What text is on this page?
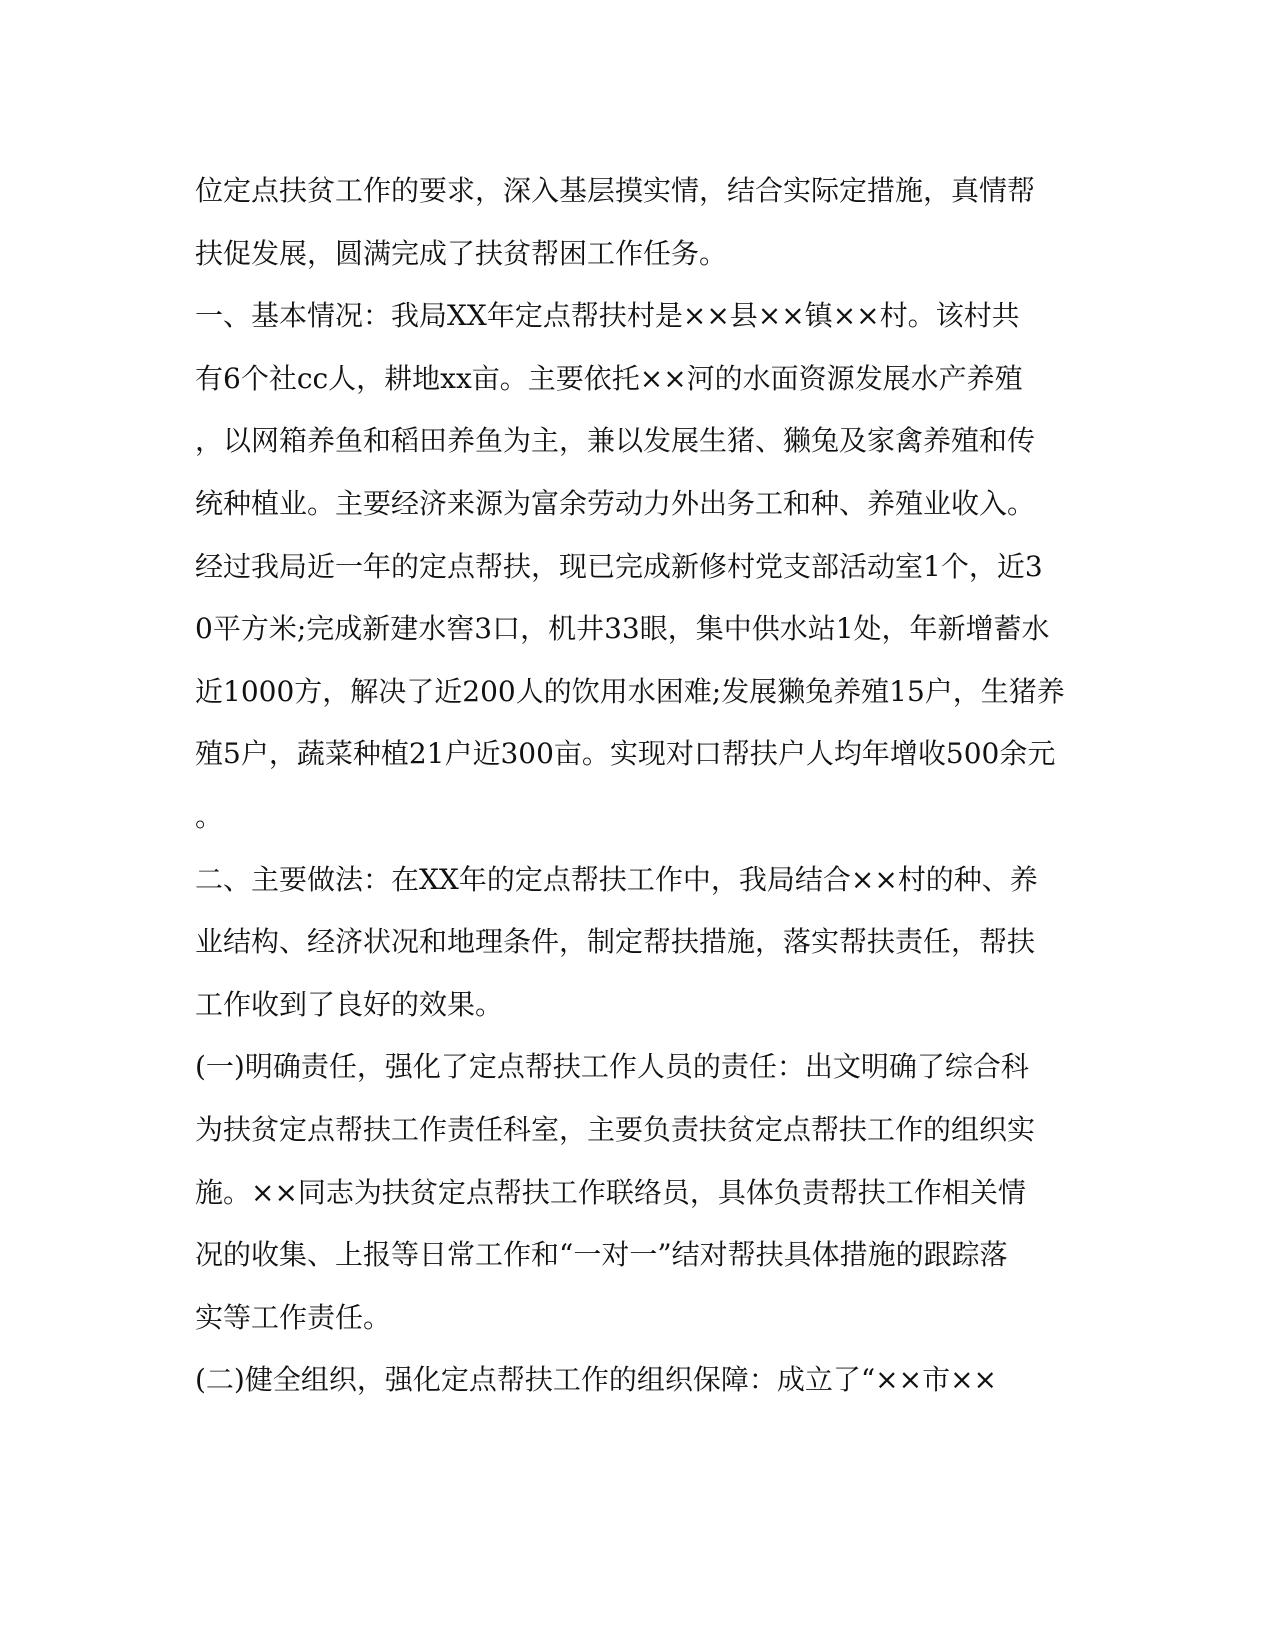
位定点扶贫工作的要求，深入基层摸实情，结合实际定措施，真情帮
扶促发展，圆满完成了扶贫帮困工作任务。
一、基本情况：我局XX年定点帮扶村是××县××镇××村。该村共
有6个社cc人，耕地xx亩。主要依托××河的水面资源发展水产养殖
，以网箱养鱼和稻田养鱼为主，兼以发展生猪、獭兔及家禽养殖和传
统种植业。主要经济来源为富余劳动力外出务工和种、养殖业收入。
经过我局近一年的定点帮扶，现已完成新修村党支部活动室1个，近3
0平方米;完成新建水窖3口，机井33眼，集中供水站1处，年新增蓄水
近1000方，解决了近200人的饮用水困难;发展獭兔养殖15户，生猪养
殖5户，蔬菜种植21户近300亩。实现对口帮扶户人均年增收500余元
。
二、主要做法：在XX年的定点帮扶工作中，我局结合××村的种、养
业结构、经济状况和地理条件，制定帮扶措施，落实帮扶责任，帮扶
工作收到了良好的效果。
(一)明确责任，强化了定点帮扶工作人员的责任：出文明确了综合科
为扶贫定点帮扶工作责任科室，主要负责扶贫定点帮扶工作的组织实
施。××同志为扶贫定点帮扶工作联络员，具体负责帮扶工作相关情
况的收集、上报等日常工作和“一对一”结对帮扶具体措施的跟踪落
实等工作责任。
(二)健全组织，强化定点帮扶工作的组织保障：成立了“××市××
